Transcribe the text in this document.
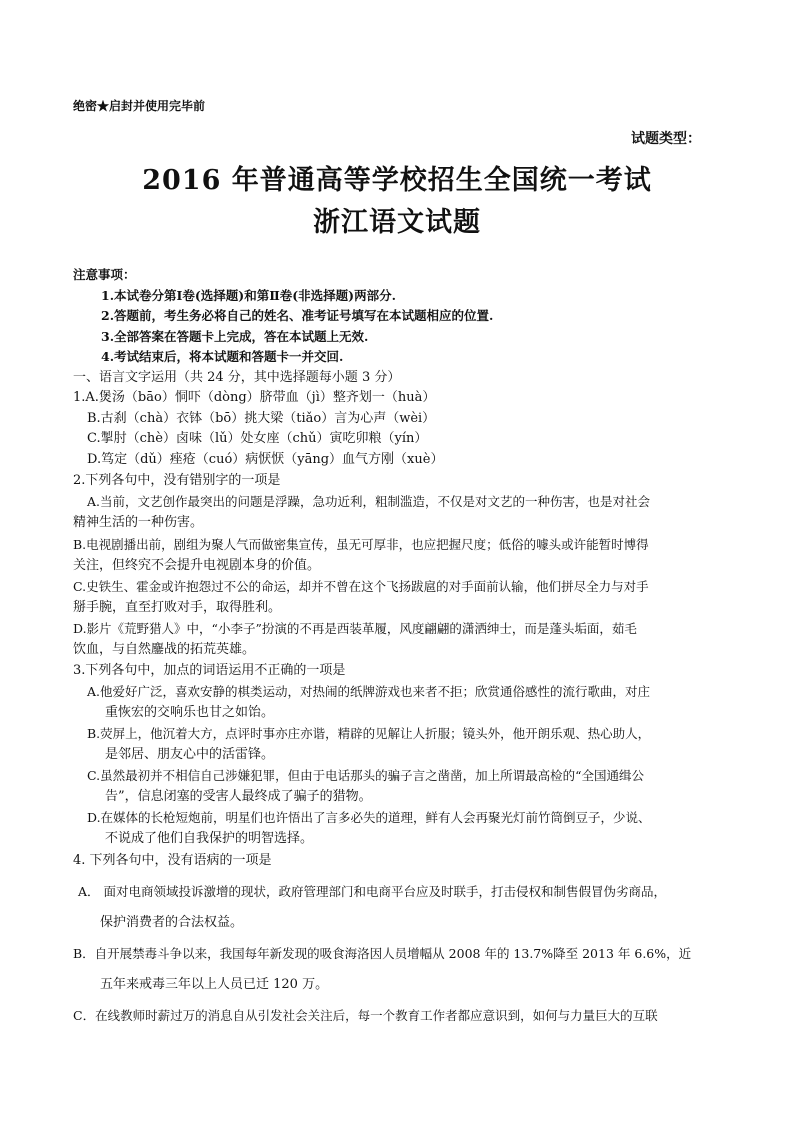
绝密★启封并使用完毕前
试题类型：
2016 年普通高等学校招生全国统一考试
浙江语文试题
注意事项：
1.本试卷分第Ⅰ卷(选择题)和第Ⅱ卷(非选择题)两部分.
2.答题前，考生务必将自己的姓名、准考证号填写在本试题相应的位置.
3.全部答案在答题卡上完成，答在本试题上无效.
4.考试结束后，将本试题和答题卡一并交回.
一、语言文字运用（共 24 分，其中选择题每小题 3 分）
1.A.煲汤（bāo）恫吓（dòng）脐带血（jì）整齐划一（huà）
B.古刹（chà）衣钵（bō）挑大梁（tiǎo）言为心声（wèi）
C.掣肘（chè）卤味（lǔ）处女座（chǔ）寅吃卯粮（yín）
D.笃定（dǔ）痤疮（cuó）病恹恹（yāng）血气方刚（xuè）
2.下列各句中，没有错别字的一项是
A.当前，文艺创作最突出的问题是浮躁，急功近利，粗制滥造，不仅是对文艺的一种伤害，也是对社会
精神生活的一种伤害。
B.电视剧播出前，剧组为聚人气而做密集宣传，虽无可厚非，也应把握尺度；低俗的噱头或许能暂时博得
关注，但终究不会提升电视剧本身的价值。
C.史铁生、霍金或许抱怨过不公的命运，却并不曾在这个飞扬跋扈的对手面前认输，他们拼尽全力与对手
掰手腕，直至打败对手，取得胜利。
D.影片《荒野猎人》中，“小李子”扮演的不再是西装革履，风度翩翩的潇洒绅士，而是蓬头垢面，茹毛
饮血，与自然鏖战的拓荒英雄。
3.下列各句中，加点的词语运用不正确的一项是
A.他爱好广泛，喜欢安静的棋类运动，对热闹的纸牌游戏也来者不拒；欣赏通俗感性的流行歌曲，对庄
重恢宏的交响乐也甘之如饴。
B.荧屏上，他沉着大方，点评时事亦庄亦谐，精辟的见解让人折服；镜头外，他开朗乐观、热心助人，
是邻居、朋友心中的活雷锋。
C.虽然最初并不相信自己涉嫌犯罪，但由于电话那头的骗子言之凿凿，加上所谓最高检的“全国通缉公
告”，信息闭塞的受害人最终成了骗子的猎物。
D.在媒体的长枪短炮前，明星们也许悟出了言多必失的道理，鲜有人会再聚光灯前竹筒倒豆子，少说、
不说成了他们自我保护的明智选择。
4. 下列各句中，没有语病的一项是
A． 面对电商领域投诉激增的现状，政府管理部门和电商平台应及时联手，打击侵权和制售假冒伪劣商品，
保护消费者的合法权益。
B．自开展禁毒斗争以来，我国每年新发现的吸食海洛因人员增幅从 2008 年的 13.7%降至 2013 年 6.6%，近
五年来戒毒三年以上人员已迁 120 万。
C．在线教师时薪过万的消息自从引发社会关注后，每一个教育工作者都应意识到，如何与力量巨大的互联
